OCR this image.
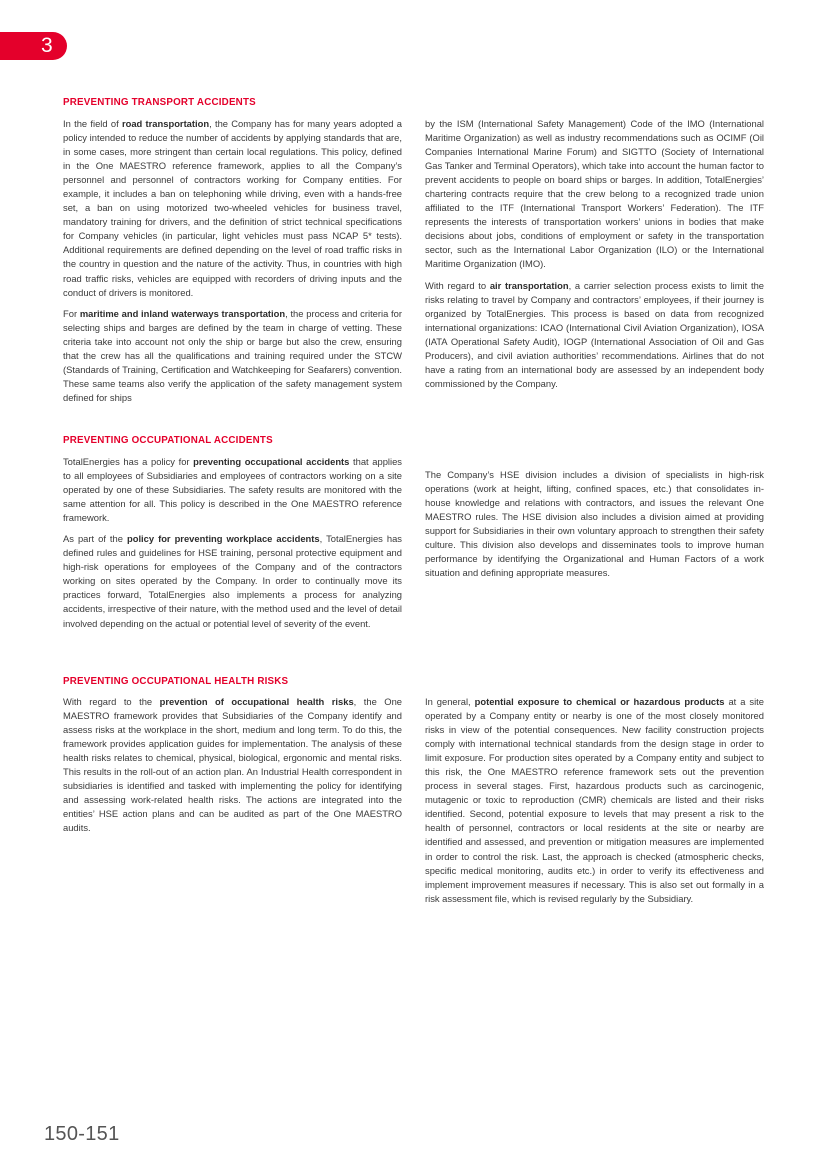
3
PREVENTING TRANSPORT ACCIDENTS

In the field of road transportation, the Company has for many years adopted a policy intended to reduce the number of accidents by applying standards that are, in some cases, more stringent than certain local regulations. This policy, defined in the One MAESTRO reference framework, applies to all the Company’s personnel and personnel of contractors working for Company entities. For example, it includes a ban on telephoning while driving, even with a hands-free set, a ban on using motorized two-wheeled vehicles for business travel, mandatory training for drivers, and the definition of strict technical specifications for Company vehicles (in particular, light vehicles must pass NCAP 5* tests). Additional requirements are defined depending on the level of road traffic risks in the country in question and the nature of the activity. Thus, in countries with high road traffic risks, vehicles are equipped with recorders of driving inputs and the conduct of drivers is monitored.

For maritime and inland waterways transportation, the process and criteria for selecting ships and barges are defined by the team in charge of vetting. These criteria take into account not only the ship or barge but also the crew, ensuring that the crew has all the qualifications and training required under the STCW (Standards of Training, Certification and Watchkeeping for Seafarers) convention. These same teams also verify the application of the safety management system defined for ships

by the ISM (International Safety Management) Code of the IMO (International Maritime Organization) as well as industry recommendations such as OCIMF (Oil Companies International Marine Forum) and SIGTTO (Society of International Gas Tanker and Terminal Operators), which take into account the human factor to prevent accidents to people on board ships or barges. In addition, TotalEnergies’ chartering contracts require that the crew belong to a recognized trade union affiliated to the ITF (International Transport Workers’ Federation). The ITF represents the interests of transportation workers’ unions in bodies that make decisions about jobs, conditions of employment or safety in the transportation sector, such as the International Labor Organization (ILO) or the International Maritime Organization (IMO).

With regard to air transportation, a carrier selection process exists to limit the risks relating to travel by Company and contractors’ employees, if their journey is organized by TotalEnergies. This process is based on data from recognized international organizations: ICAO (International Civil Aviation Organization), IOSA (IATA Operational Safety Audit), IOGP (International Association of Oil and Gas Producers), and civil aviation authorities’ recommendations. Airlines that do not have a rating from an international body are assessed by an independent body commissioned by the Company.

PREVENTING OCCUPATIONAL ACCIDENTS

TotalEnergies has a policy for preventing occupational accidents that applies to all employees of Subsidiaries and employees of contractors working on a site operated by one of these Subsidiaries. The safety results are monitored with the same attention for all. This policy is described in the One MAESTRO reference framework.

As part of the policy for preventing workplace accidents, TotalEnergies has defined rules and guidelines for HSE training, personal protective equipment and high-risk operations for employees of the Company and of the contractors working on sites operated by the Company. In order to continually move its practices forward, TotalEnergies also implements a process for analyzing accidents, irrespective of their nature, with the method used and the level of detail involved depending on the actual or potential level of severity of the event.

The Company’s HSE division includes a division of specialists in high-risk operations (work at height, lifting, confined spaces, etc.) that consolidates in-house knowledge and relations with contractors, and issues the relevant One MAESTRO rules. The HSE division also includes a division aimed at providing support for Subsidiaries in their own voluntary approach to strengthen their safety culture. This division also develops and disseminates tools to improve human performance by identifying the Organizational and Human Factors of a work situation and defining appropriate measures.

PREVENTING OCCUPATIONAL HEALTH RISKS

With regard to the prevention of occupational health risks, the One MAESTRO framework provides that Subsidiaries of the Company identify and assess risks at the workplace in the short, medium and long term. To do this, the framework provides application guides for implementation. The analysis of these health risks relates to chemical, physical, biological, ergonomic and mental risks. This results in the roll-out of an action plan. An Industrial Health correspondent in subsidiaries is identified and tasked with implementing the policy for identifying and assessing work-related health risks. The actions are integrated into the entities’ HSE action plans and can be audited as part of the One MAESTRO audits.

In general, potential exposure to chemical or hazardous products at a site operated by a Company entity or nearby is one of the most closely monitored risks in view of the potential consequences. New facility construction projects comply with international technical standards from the design stage in order to limit exposure. For production sites operated by a Company entity and subject to this risk, the One MAESTRO reference framework sets out the prevention process in several stages. First, hazardous products such as carcinogenic, mutagenic or toxic to reproduction (CMR) chemicals are listed and their risks identified. Second, potential exposure to levels that may present a risk to the health of personnel, contractors or local residents at the site or nearby are identified and assessed, and prevention or mitigation measures are implemented in order to control the risk. Last, the approach is checked (atmospheric checks, specific medical monitoring, audits etc.) in order to verify its effectiveness and implement improvement measures if necessary. This is also set out formally in a risk assessment file, which is revised regularly by the Subsidiary.

150-151
